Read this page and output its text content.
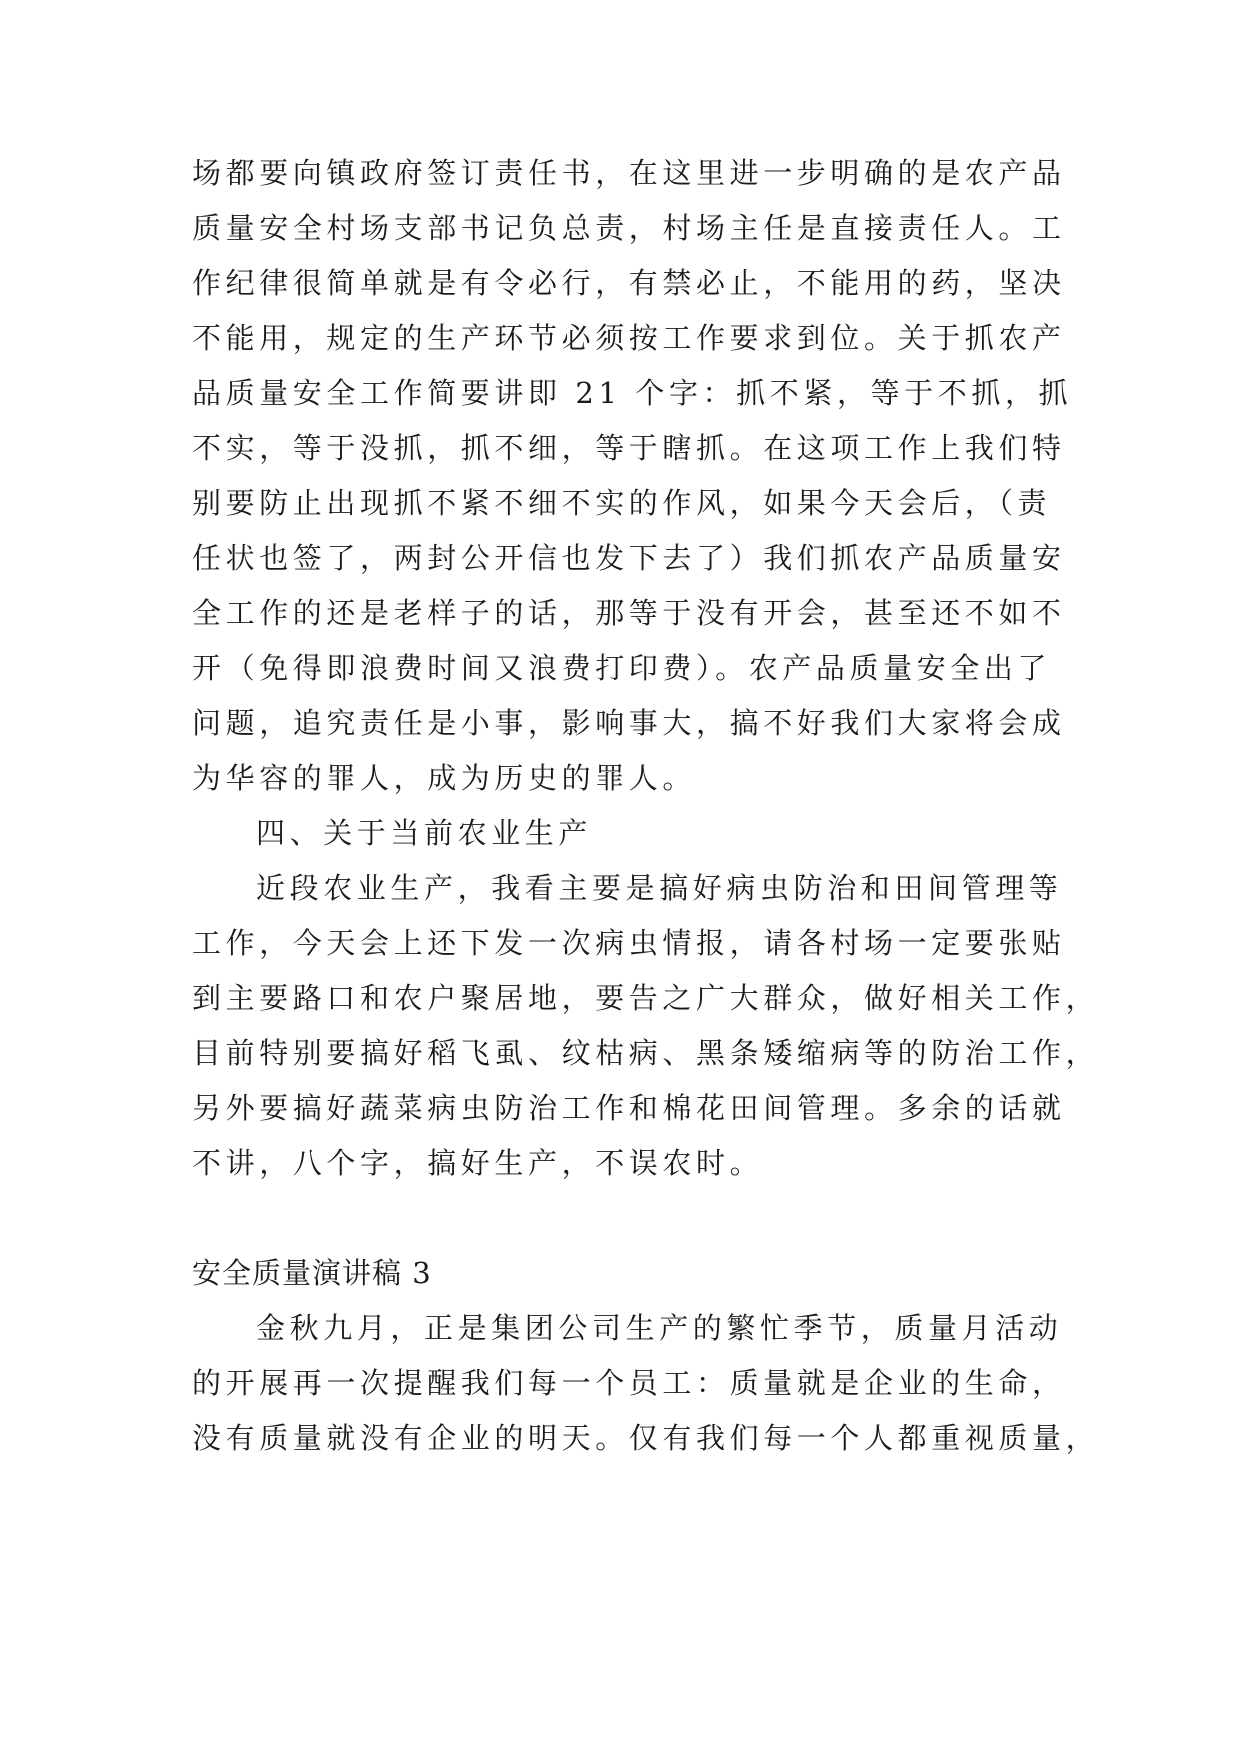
场都要向镇政府签订责任书，在这里进一步明确的是农产品
质量安全村场支部书记负总责，村场主任是直接责任人。工
作纪律很简单就是有令必行，有禁必止，不能用的药，坚决
不能用，规定的生产环节必须按工作要求到位。关于抓农产
品质量安全工作简要讲即 21 个字：抓不紧，等于不抓，抓
不实，等于没抓，抓不细，等于瞎抓。在这项工作上我们特
别要防止出现抓不紧不细不实的作风，如果今天会后，（责
任状也签了，两封公开信也发下去了）我们抓农产品质量安
全工作的还是老样子的话，那等于没有开会，甚至还不如不
开（免得即浪费时间又浪费打印费）。农产品质量安全出了
问题，追究责任是小事，影响事大，搞不好我们大家将会成
为华容的罪人，成为历史的罪人。
四、关于当前农业生产
近段农业生产，我看主要是搞好病虫防治和田间管理等
工作，今天会上还下发一次病虫情报，请各村场一定要张贴
到主要路口和农户聚居地，要告之广大群众，做好相关工作，
目前特别要搞好稻飞虱、纹枯病、黑条矮缩病等的防治工作，
另外要搞好蔬菜病虫防治工作和棉花田间管理。多余的话就
不讲，八个字，搞好生产，不误农时。
安全质量演讲稿 3
金秋九月，正是集团公司生产的繁忙季节，质量月活动
的开展再一次提醒我们每一个员工：质量就是企业的生命，
没有质量就没有企业的明天。仅有我们每一个人都重视质量，
